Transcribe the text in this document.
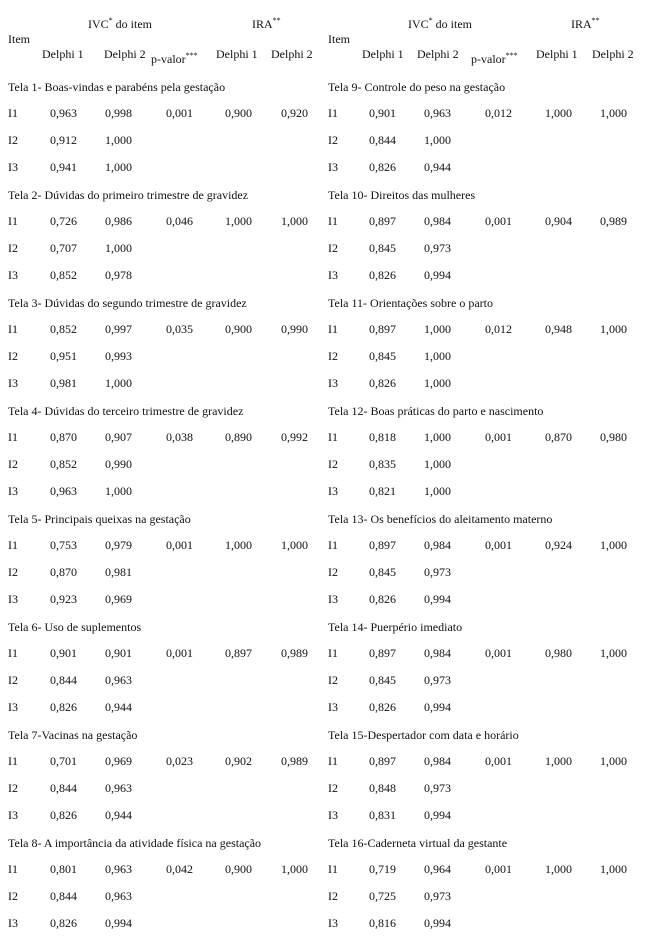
Item
IVC* do item	IRA**
Delphi 1 Delphi 2 p-valor*** Delphi 1 Delphi 2
Tela 1- Boas-vindas e parabéns pela gestação
I1	0,963 0,998	0,001	0,900 0,920
I2	0,912 1,000
I3	0,941 1,000
Tela 2- Dúvidas do primeiro trimestre de gravidez
I1	0,726 0,986	0,046	1,000 1,000
I2	0,707 1,000
I3	0,852 0,978
Tela 3- Dúvidas do segundo trimestre de gravidez
I1	0,852 0,997	0,035	0,900 0,990
I2	0,951 0,993
I3	0,981 1,000
Tela 4- Dúvidas do terceiro trimestre de gravidez
I1	0,870 0,907	0,038	0,890 0,992
I2	0,852 0,990
I3	0,963 1,000
Tela 5- Principais queixas na gestação
I1	0,753 0,979	0,001	1,000 1,000
I2	0,870 0,981
I3	0,923 0,969
Tela 6- Uso de suplementos
I1	0,901 0,901	0,001	0,897 0,989
I2	0,844 0,963
I3	0,826 0,944
Tela 7-Vacinas na gestação
I1	0,701 0,969	0,023	0,902 0,989
I2	0,844 0,963
I3	0,826 0,944
Tela 8- A importância da atividade física na gestação
I1	0,801 0,963	0,042	0,900 1,000
I2	0,844 0,963
I3	0,826 0,994
Item
IVC* do item	IRA**
Delphi 1 Delphi 2 p-valor*** Delphi 1 Delphi 2
Tela 9- Controle do peso na gestação
I1	0,901 0,963	0,012	1,000 1,000
I2	0,844 1,000
I3	0,826 0,944
Tela 10- Direitos das mulheres
I1	0,897 0,984	0,001	0,904 0,989
I2	0,845 0,973
I3	0,826 0,994
Tela 11- Orientações sobre o parto
I1	0,897 1,000	0,012	0,948 1,000
I2	0,845 1,000
I3	0,826 1,000
Tela 12- Boas práticas do parto e nascimento
I1	0,818 1,000	0,001	0,870 0,980
I2	0,835 1,000
I3	0,821 1,000
Tela 13- Os benefícios do aleitamento materno
I1	0,897 0,984	0,001	0,924 1,000
I2	0,845 0,973
I3	0,826 0,994
Tela 14- Puerpério imediato
I1	0,897 0,984	0,001	0,980 1,000
I2	0,845 0,973
I3	0,826 0,994
Tela 15-Despertador com data e horário
I1	0,897 0,984	0,001	1,000 1,000
I2	0,848 0,973
I3	0,831 0,994
Tela 16-Caderneta virtual da gestante
I1	0,719 0,964	0,001	1,000 1,000
I2	0,725 0,973
I3	0,816 0,994
